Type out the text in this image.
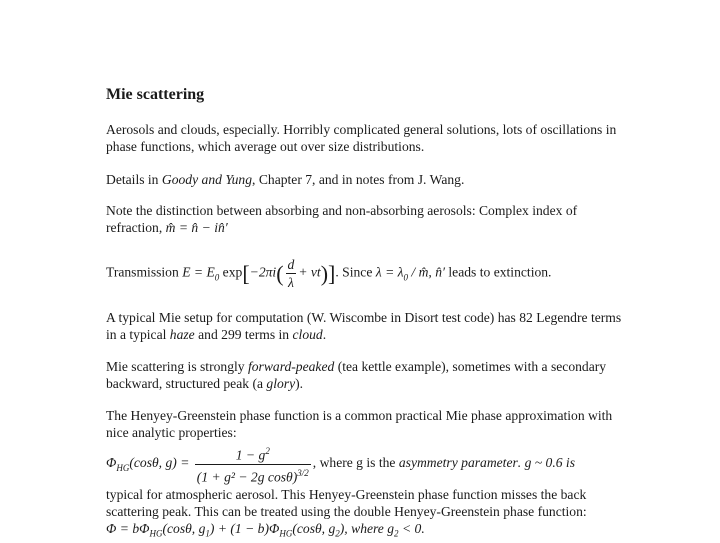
Mie scattering
Aerosols and clouds, especially. Horribly complicated general solutions, lots of oscillations in phase functions, which average out over size distributions.
Details in Goody and Yung, Chapter 7, and in notes from J. Wang.
Note the distinction between absorbing and non-absorbing aerosols: Complex index of refraction, m̂ = n̂ − in̂′
Transmission $E = E_0$ $\exp[-2\pi i( \frac{d}{\lambda} + vt)]$. Since $\lambda = \lambda_0$ / m̂, n̂′ leads to extinction.
A typical Mie setup for computation (W. Wiscombe in Disort test code) has 82 Legendre terms in a typical haze and 299 terms in cloud.
Mie scattering is strongly forward-peaked (tea kettle example), sometimes with a secondary backward, structured peak (a glory).
The Henyey-Greenstein phase function is a common practical Mie phase approximation with nice analytic properties:
$\Phi_{HG}(\cos\theta$, $g) = \frac{1 - g^2}{(1 + g^2 - 2g \cos\theta)^{3/2}}$ , where g is the asymmetry parameter. g ~ 0.6 is
typical for atmospheric aerosol. This Henyey-Greenstein phase function misses the back scattering peak. This can be treated using the double Henyey-Greenstein phase function:
$\Phi = b\Phi_{HG}(\cos\theta$, $g_1) + (1 - b)\Phi_{HG}(\cos\theta$, $g_2$), where $g_2 < 0$.
